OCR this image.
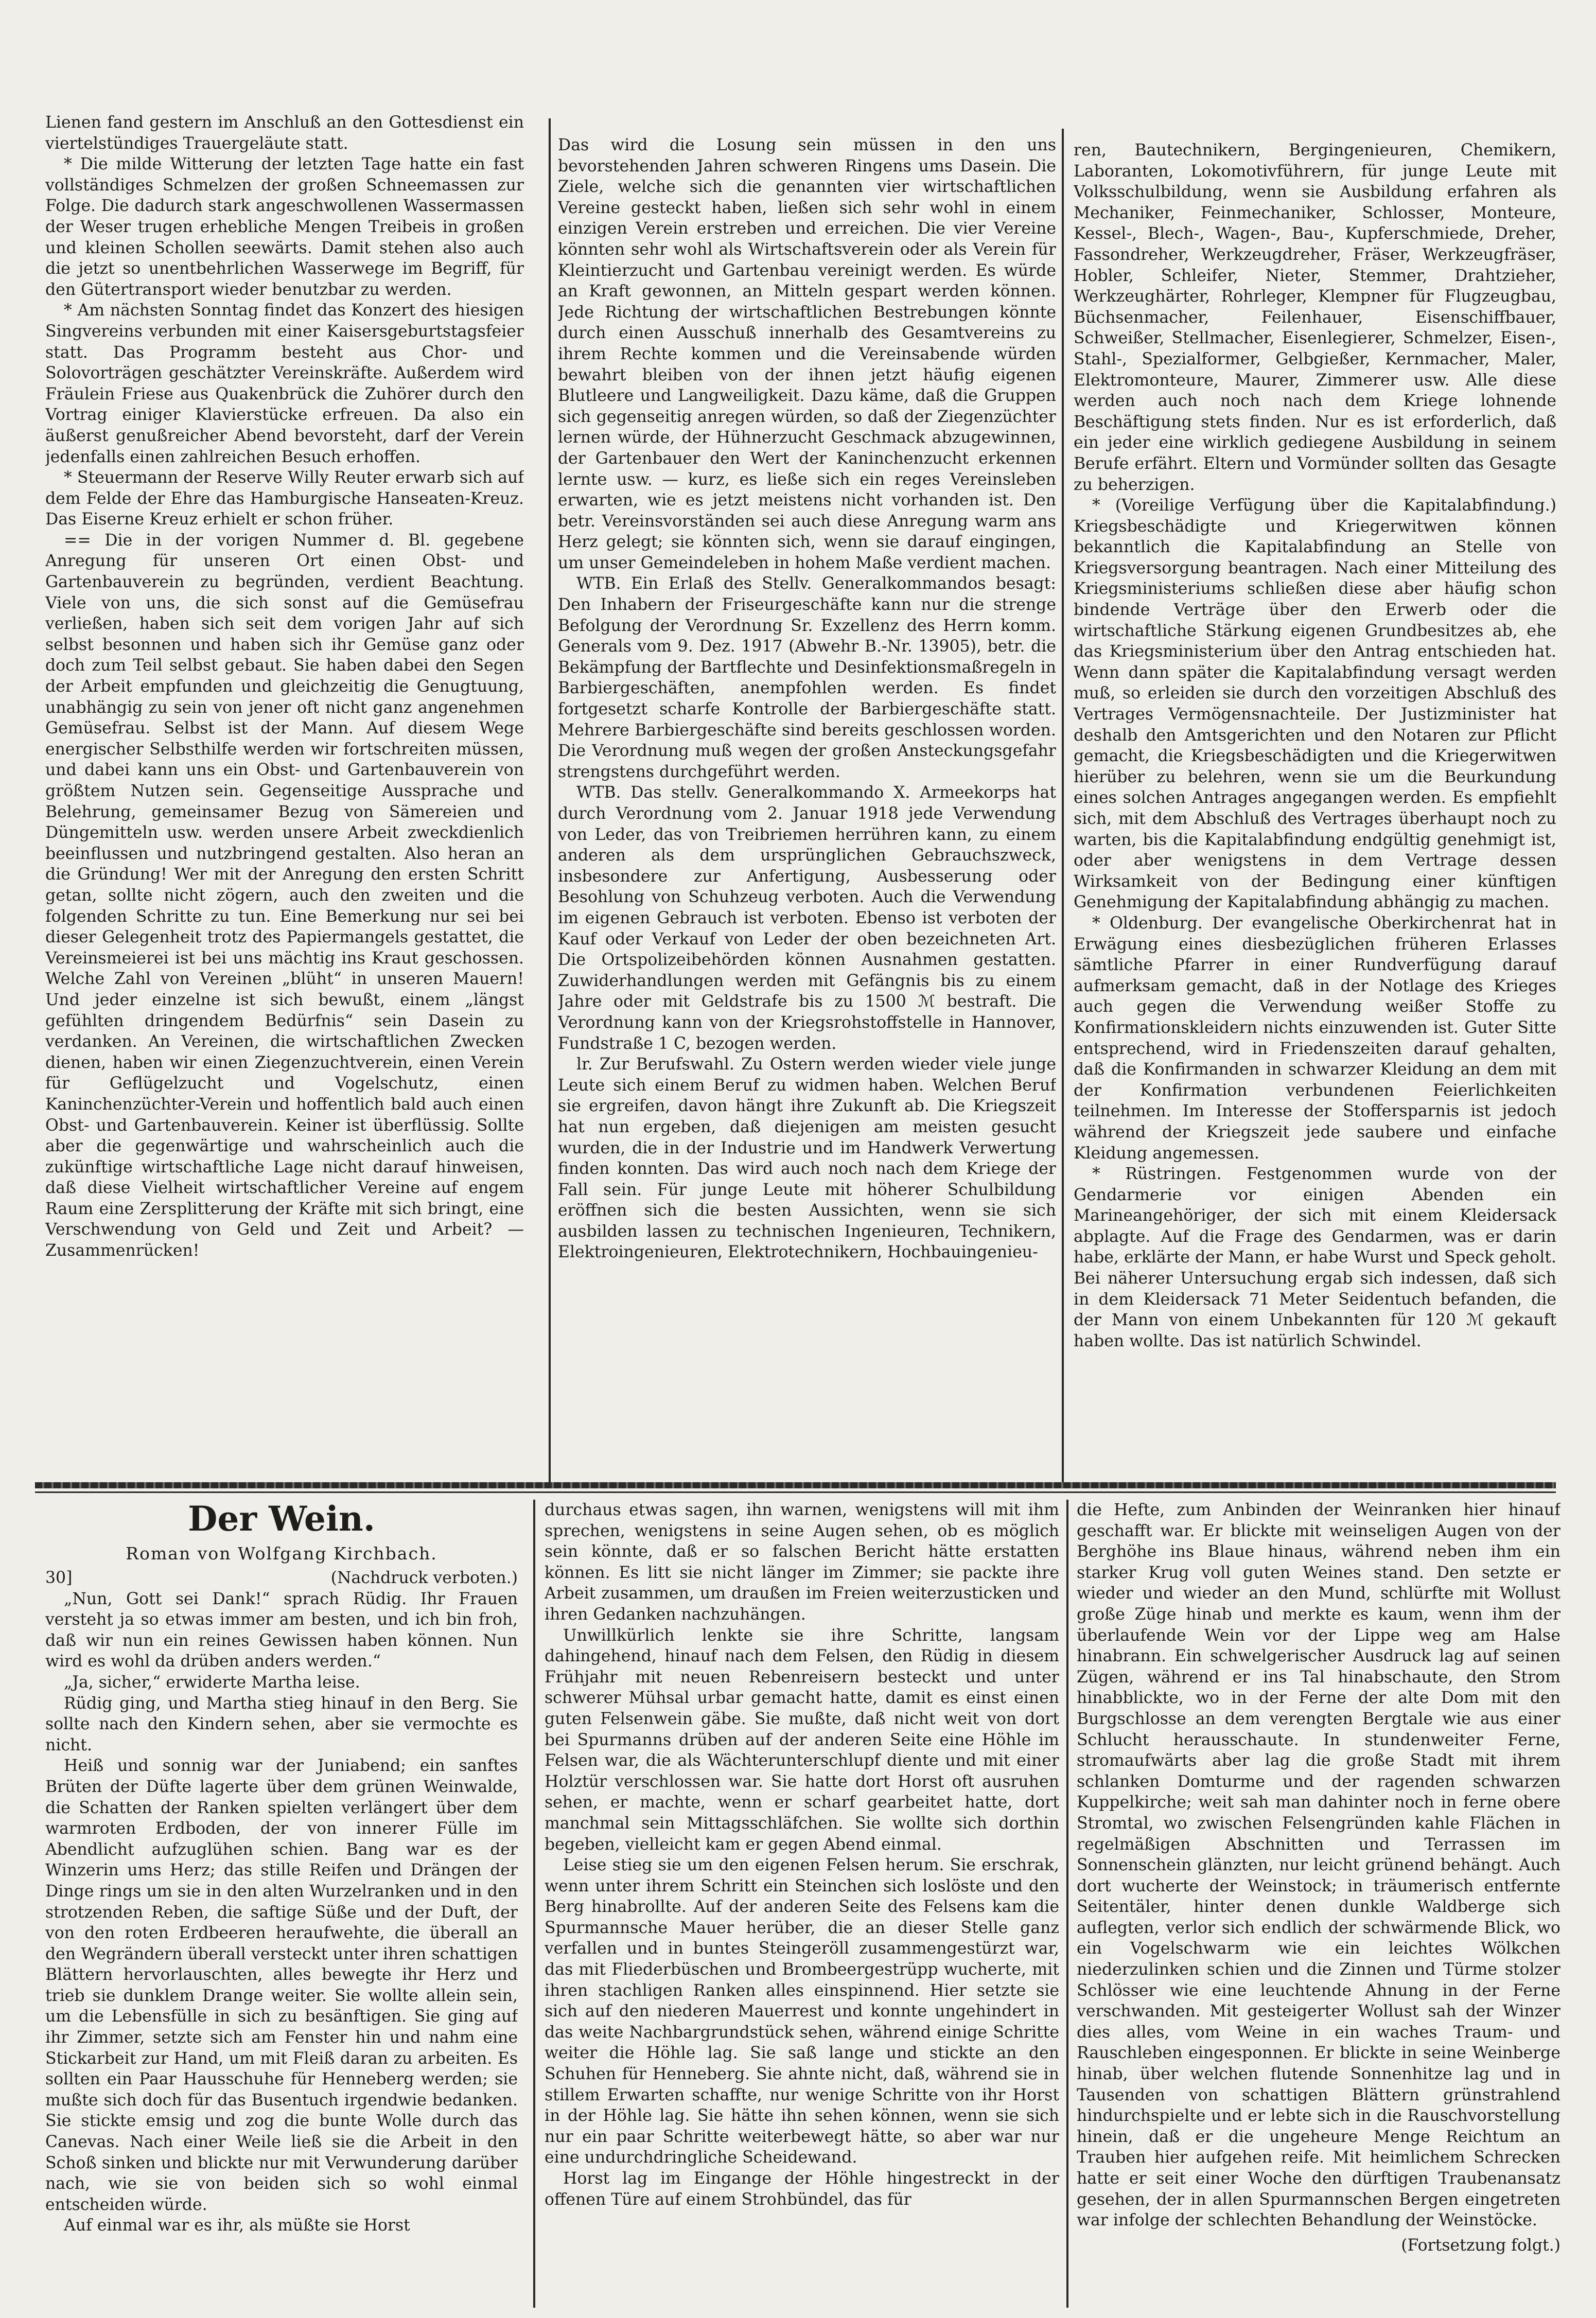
Lienen fand gestern im Anschluß an den Gottesdienst ein viertelstündiges Trauergeläute statt.

* Die milde Witterung der letzten Tage hatte ein fast vollständiges Schmelzen der großen Schneemassen zur Folge. Die dadurch stark angeschwollenen Wassermassen der Weser trugen erhebliche Mengen Treibeis in großen und kleinen Schollen seewärts. Damit stehen also auch die jetzt so unentbehrlichen Wasserwege im Begriff, für den Gütertransport wieder benutzbar zu werden.

* Am nächsten Sonntag findet das Konzert des hiesigen Singvereins verbunden mit einer Kaisersgeburtstagsfeier statt. Das Programm besteht aus Chor- und Solovorträgen geschätzter Vereinskräfte. Außerdem wird Fräulein Friese aus Quakenbrück die Zuhörer durch den Vortrag einiger Klavierstücke erfreuen. Da also ein äußerst genußreicher Abend bevorsteht, darf der Verein jedenfalls einen zahlreichen Besuch erhoffen.

* Steuermann der Reserve Willy Reuter erwarb sich auf dem Felde der Ehre das Hamburgische Hanseaten-Kreuz. Das Eiserne Kreuz erhielt er schon früher.

== Die in der vorigen Nummer d. Bl. gegebene Anregung für unseren Ort einen Obst- und Gartenbauverein zu begründen, verdient Beachtung. Viele von uns, die sich sonst auf die Gemüsefrau verließen, haben sich seit dem vorigen Jahr auf sich selbst besonnen und haben sich ihr Gemüse ganz oder doch zum Teil selbst gebaut. Sie haben dabei den Segen der Arbeit empfunden und gleichzeitig die Genugtuung, unabhängig zu sein von jener oft nicht ganz angenehmen Gemüsefrau. Selbst ist der Mann. Auf diesem Wege energischer Selbsthilfe werden wir fortschreiten müssen, und dabei kann uns ein Obst- und Gartenbauverein von größtem Nutzen sein. Gegenseitige Aussprache und Belehrung, gemeinsamer Bezug von Sämereien und Düngemitteln usw. werden unsere Arbeit zweckdienlich beeinflussen und nutzbringend gestalten. Also heran an die Gründung! Wer mit der Anregung den ersten Schritt getan, sollte nicht zögern, auch den zweiten und die folgenden Schritte zu tun. Eine Bemerkung nur sei bei dieser Gelegenheit trotz des Papiermangels gestattet, die Vereinsmeierei ist bei uns mächtig ins Kraut geschossen. Welche Zahl von Vereinen „blüht“ in unseren Mauern! Und jeder einzelne ist sich bewußt, einem „längst gefühlten dringendem Bedürfnis“ sein Dasein zu verdanken. An Vereinen, die wirtschaftlichen Zwecken dienen, haben wir einen Ziegenzuchtverein, einen Verein für Geflügelzucht und Vogelschutz, einen Kaninchenzüchter-Verein und hoffentlich bald auch einen Obst- und Gartenbauverein. Keiner ist überflüssig. Sollte aber die gegenwärtige und wahrscheinlich auch die zukünftige wirtschaftliche Lage nicht darauf hinweisen, daß diese Vielheit wirtschaftlicher Vereine auf engem Raum eine Zersplitterung der Kräfte mit sich bringt, eine Verschwendung von Geld und Zeit und Arbeit? — Zusammenrücken!

Das wird die Losung sein müssen in den uns bevorstehenden Jahren schweren Ringens ums Dasein. Die Ziele, welche sich die genannten vier wirtschaftlichen Vereine gesteckt haben, ließen sich sehr wohl in einem einzigen Verein erstreben und erreichen. Die vier Vereine könnten sehr wohl als Wirtschaftsverein oder als Verein für Kleintierzucht und Gartenbau vereinigt werden. Es würde an Kraft gewonnen, an Mitteln gespart werden können. Jede Richtung der wirtschaftlichen Bestrebungen könnte durch einen Ausschuß innerhalb des Gesamtvereins zu ihrem Rechte kommen und die Vereinsabende würden bewahrt bleiben von der ihnen jetzt häufig eigenen Blutleere und Langweiligkeit. Dazu käme, daß die Gruppen sich gegenseitig anregen würden, so daß der Ziegenzüchter lernen würde, der Hühnerzucht Geschmack abzugewinnen, der Gartenbauer den Wert der Kaninchenzucht erkennen lernte usw. — kurz, es ließe sich ein reges Vereinsleben erwarten, wie es jetzt meistens nicht vorhanden ist. Den betr. Vereinsvorständen sei auch diese Anregung warm ans Herz gelegt; sie könnten sich, wenn sie darauf eingingen, um unser Gemeindeleben in hohem Maße verdient machen.

WTB. Ein Erlaß des Stellv. Generalkommandos besagt: Den Inhabern der Friseurgeschäfte kann nur die strenge Befolgung der Verordnung Sr. Exzellenz des Herrn komm. Generals vom 9. Dez. 1917 (Abwehr B.-Nr. 13905), betr. die Bekämpfung der Bartflechte und Desinfektionsmaßregeln in Barbiergeschäften, anempfohlen werden. Es findet fortgesetzt scharfe Kontrolle der Barbiergeschäfte statt. Mehrere Barbiergeschäfte sind bereits geschlossen worden. Die Verordnung muß wegen der großen Ansteckungsgefahr strengstens durchgeführt werden.

WTB. Das stellv. Generalkommando X. Armeekorps hat durch Verordnung vom 2. Januar 1918 jede Verwendung von Leder, das von Treibriemen herrühren kann, zu einem anderen als dem ursprünglichen Gebrauchszweck, insbesondere zur Anfertigung, Ausbesserung oder Besohlung von Schuhzeug verboten. Auch die Verwendung im eigenen Gebrauch ist verboten. Ebenso ist verboten der Kauf oder Verkauf von Leder der oben bezeichneten Art. Die Ortspolizeibehörden können Ausnahmen gestatten. Zuwiderhandlungen werden mit Gefängnis bis zu einem Jahre oder mit Geldstrafe bis zu 1500 ℳ bestraft. Die Verordnung kann von der Kriegsrohstoffstelle in Hannover, Fundstraße 1 C, bezogen werden.

lr. Zur Berufswahl. Zu Ostern werden wieder viele junge Leute sich einem Beruf zu widmen haben. Welchen Beruf sie ergreifen, davon hängt ihre Zukunft ab. Die Kriegszeit hat nun ergeben, daß diejenigen am meisten gesucht wurden, die in der Industrie und im Handwerk Verwertung finden konnten. Das wird auch noch nach dem Kriege der Fall sein. Für junge Leute mit höherer Schulbildung eröffnen sich die besten Aussichten, wenn sie sich ausbilden lassen zu technischen Ingenieuren, Technikern, Elektroingenieuren, Elektrotechnikern, Hochbauingenieu-

ren, Bautechnikern, Bergingenieuren, Chemikern, Laboranten, Lokomotivführern, für junge Leute mit Volksschulbildung, wenn sie Ausbildung erfahren als Mechaniker, Feinmechaniker, Schlosser, Monteure, Kessel-, Blech-, Wagen-, Bau-, Kupferschmiede, Dreher, Fassondreher, Werkzeugdreher, Fräser, Werkzeugfräser, Hobler, Schleifer, Nieter, Stemmer, Drahtzieher, Werkzeughärter, Rohrleger, Klempner für Flugzeugbau, Büchsenmacher, Feilenhauer, Eisenschiffbauer, Schweißer, Stellmacher, Eisenlegierer, Schmelzer, Eisen-, Stahl-, Spezialformer, Gelbgießer, Kernmacher, Maler, Elektromonteure, Maurer, Zimmerer usw. Alle diese werden auch noch nach dem Kriege lohnende Beschäftigung stets finden. Nur es ist erforderlich, daß ein jeder eine wirklich gediegene Ausbildung in seinem Berufe erfährt. Eltern und Vormünder sollten das Gesagte zu beherzigen.

* (Voreilige Verfügung über die Kapitalabfindung.) Kriegsbeschädigte und Kriegerwitwen können bekanntlich die Kapitalabfindung an Stelle von Kriegsversorgung beantragen. Nach einer Mitteilung des Kriegsministeriums schließen diese aber häufig schon bindende Verträge über den Erwerb oder die wirtschaftliche Stärkung eigenen Grundbesitzes ab, ehe das Kriegsministerium über den Antrag entschieden hat. Wenn dann später die Kapitalabfindung versagt werden muß, so erleiden sie durch den vorzeitigen Abschluß des Vertrages Vermögensnachteile. Der Justizminister hat deshalb den Amtsgerichten und den Notaren zur Pflicht gemacht, die Kriegsbeschädigten und die Kriegerwitwen hierüber zu belehren, wenn sie um die Beurkundung eines solchen Antrages angegangen werden. Es empfiehlt sich, mit dem Abschluß des Vertrages überhaupt noch zu warten, bis die Kapitalabfindung endgültig genehmigt ist, oder aber wenigstens in dem Vertrage dessen Wirksamkeit von der Bedingung einer künftigen Genehmigung der Kapitalabfindung abhängig zu machen.

* Oldenburg. Der evangelische Oberkirchenrat hat in Erwägung eines diesbezüglichen früheren Erlasses sämtliche Pfarrer in einer Rundverfügung darauf aufmerksam gemacht, daß in der Notlage des Krieges auch gegen die Verwendung weißer Stoffe zu Konfirmationskleidern nichts einzuwenden ist. Guter Sitte entsprechend, wird in Friedenszeiten darauf gehalten, daß die Konfirmanden in schwarzer Kleidung an dem mit der Konfirmation verbundenen Feierlichkeiten teilnehmen. Im Interesse der Stoffersparnis ist jedoch während der Kriegszeit jede saubere und einfache Kleidung angemessen.

* Rüstringen. Festgenommen wurde von der Gendarmerie vor einigen Abenden ein Marineangehöriger, der sich mit einem Kleidersack abplagte. Auf die Frage des Gendarmen, was er darin habe, erklärte der Mann, er habe Wurst und Speck geholt. Bei näherer Untersuchung ergab sich indessen, daß sich in dem Kleidersack 71 Meter Seidentuch befanden, die der Mann von einem Unbekannten für 120 ℳ gekauft haben wollte. Das ist natürlich Schwindel.

Der Wein.
Roman von Wolfgang Kirchbach.
30]	(Nachdruck verboten.)

„Nun, Gott sei Dank!“ sprach Rüdig. Ihr Frauen versteht ja so etwas immer am besten, und ich bin froh, daß wir nun ein reines Gewissen haben können. Nun wird es wohl da drüben anders werden.“

„Ja, sicher,“ erwiderte Martha leise.

Rüdig ging, und Martha stieg hinauf in den Berg. Sie sollte nach den Kindern sehen, aber sie vermochte es nicht.

Heiß und sonnig war der Juniabend; ein sanftes Brüten der Düfte lagerte über dem grünen Weinwalde, die Schatten der Ranken spielten verlängert über dem warmroten Erdboden, der von innerer Fülle im Abendlicht aufzuglühen schien. Bang war es der Winzerin ums Herz; das stille Reifen und Drängen der Dinge rings um sie in den alten Wurzelranken und in den strotzenden Reben, die saftige Süße und der Duft, der von den roten Erdbeeren heraufwehte, die überall an den Wegrändern überall versteckt unter ihren schattigen Blättern hervorlauschten, alles bewegte ihr Herz und trieb sie dunklem Drange weiter. Sie wollte allein sein, um die Lebensfülle in sich zu besänftigen. Sie ging auf ihr Zimmer, setzte sich am Fenster hin und nahm eine Stickarbeit zur Hand, um mit Fleiß daran zu arbeiten. Es sollten ein Paar Hausschuhe für Henneberg werden; sie mußte sich doch für das Busentuch irgendwie bedanken. Sie stickte emsig und zog die bunte Wolle durch das Canevas. Nach einer Weile ließ sie die Arbeit in den Schoß sinken und blickte nur mit Verwunderung darüber nach, wie sie von beiden sich so wohl einmal entscheiden würde.

Auf einmal war es ihr, als müßte sie Horst

durchaus etwas sagen, ihn warnen, wenigstens will mit ihm sprechen, wenigstens in seine Augen sehen, ob es möglich sein könnte, daß er so falschen Bericht hätte erstatten können. Es litt sie nicht länger im Zimmer; sie packte ihre Arbeit zusammen, um draußen im Freien weiterzusticken und ihren Gedanken nachzuhängen.

Unwillkürlich lenkte sie ihre Schritte, langsam dahingehend, hinauf nach dem Felsen, den Rüdig in diesem Frühjahr mit neuen Rebenreisern besteckt und unter schwerer Mühsal urbar gemacht hatte, damit es einst einen guten Felsenwein gäbe. Sie mußte, daß nicht weit von dort bei Spurmanns drüben auf der anderen Seite eine Höhle im Felsen war, die als Wächterunterschlupf diente und mit einer Holztür verschlossen war. Sie hatte dort Horst oft ausruhen sehen, er machte, wenn er scharf gearbeitet hatte, dort manchmal sein Mittagsschläfchen. Sie wollte sich dorthin begeben, vielleicht kam er gegen Abend einmal.

Leise stieg sie um den eigenen Felsen herum. Sie erschrak, wenn unter ihrem Schritt ein Steinchen sich loslöste und den Berg hinabrollte. Auf der anderen Seite des Felsens kam die Spurmannsche Mauer herüber, die an dieser Stelle ganz verfallen und in buntes Steingeröll zusammengestürzt war, das mit Fliederbüschen und Brombeergestrüpp wucherte, mit ihren stachligen Ranken alles einspinnend. Hier setzte sie sich auf den niederen Mauerrest und konnte ungehindert in das weite Nachbargrundstück sehen, während einige Schritte weiter die Höhle lag. Sie saß lange und stickte an den Schuhen für Henneberg. Sie ahnte nicht, daß, während sie in stillem Erwarten schaffte, nur wenige Schritte von ihr Horst in der Höhle lag. Sie hätte ihn sehen können, wenn sie sich nur ein paar Schritte weiterbewegt hätte, so aber war nur eine undurchdringliche Scheidewand.

Horst lag im Eingange der Höhle hingestreckt in der offenen Türe auf einem Strohbündel, das für

die Hefte, zum Anbinden der Weinranken hier hinauf geschafft war. Er blickte mit weinseligen Augen von der Berghöhe ins Blaue hinaus, während neben ihm ein starker Krug voll guten Weines stand. Den setzte er wieder und wieder an den Mund, schlürfte mit Wollust große Züge hinab und merkte es kaum, wenn ihm der überlaufende Wein vor der Lippe weg am Halse hinabrann. Ein schwelgerischer Ausdruck lag auf seinen Zügen, während er ins Tal hinabschaute, den Strom hinabblickte, wo in der Ferne der alte Dom mit den Burgschlosse an dem verengten Bergtale wie aus einer Schlucht herausschaute. In stundenweiter Ferne, stromaufwärts aber lag die große Stadt mit ihrem schlanken Domturme und der ragenden schwarzen Kuppelkirche; weit sah man dahinter noch in ferne obere Stromtal, wo zwischen Felsengründen kahle Flächen in regelmäßigen Abschnitten und Terrassen im Sonnenschein glänzten, nur leicht grünend behängt. Auch dort wucherte der Weinstock; in träumerisch entfernte Seitentäler, hinter denen dunkle Waldberge sich auflegten, verlor sich endlich der schwärmende Blick, wo ein Vogelschwarm wie ein leichtes Wölkchen niederzulinken schien und die Zinnen und Türme stolzer Schlösser wie eine leuchtende Ahnung in der Ferne verschwanden. Mit gesteigerter Wollust sah der Winzer dies alles, vom Weine in ein waches Traum- und Rauschleben eingesponnen. Er blickte in seine Weinberge hinab, über welchen flutende Sonnenhitze lag und in Tausenden von schattigen Blättern grünstrahlend hindurchspielte und er lebte sich in die Rauschvorstellung hinein, daß er die ungeheure Menge Reichtum an Trauben hier aufgehen reife. Mit heimlichem Schrecken hatte er seit einer Woche den dürftigen Traubenansatz gesehen, der in allen Spurmannschen Bergen eingetreten war infolge der schlechten Behandlung der Weinstöcke.

(Fortsetzung folgt.)
